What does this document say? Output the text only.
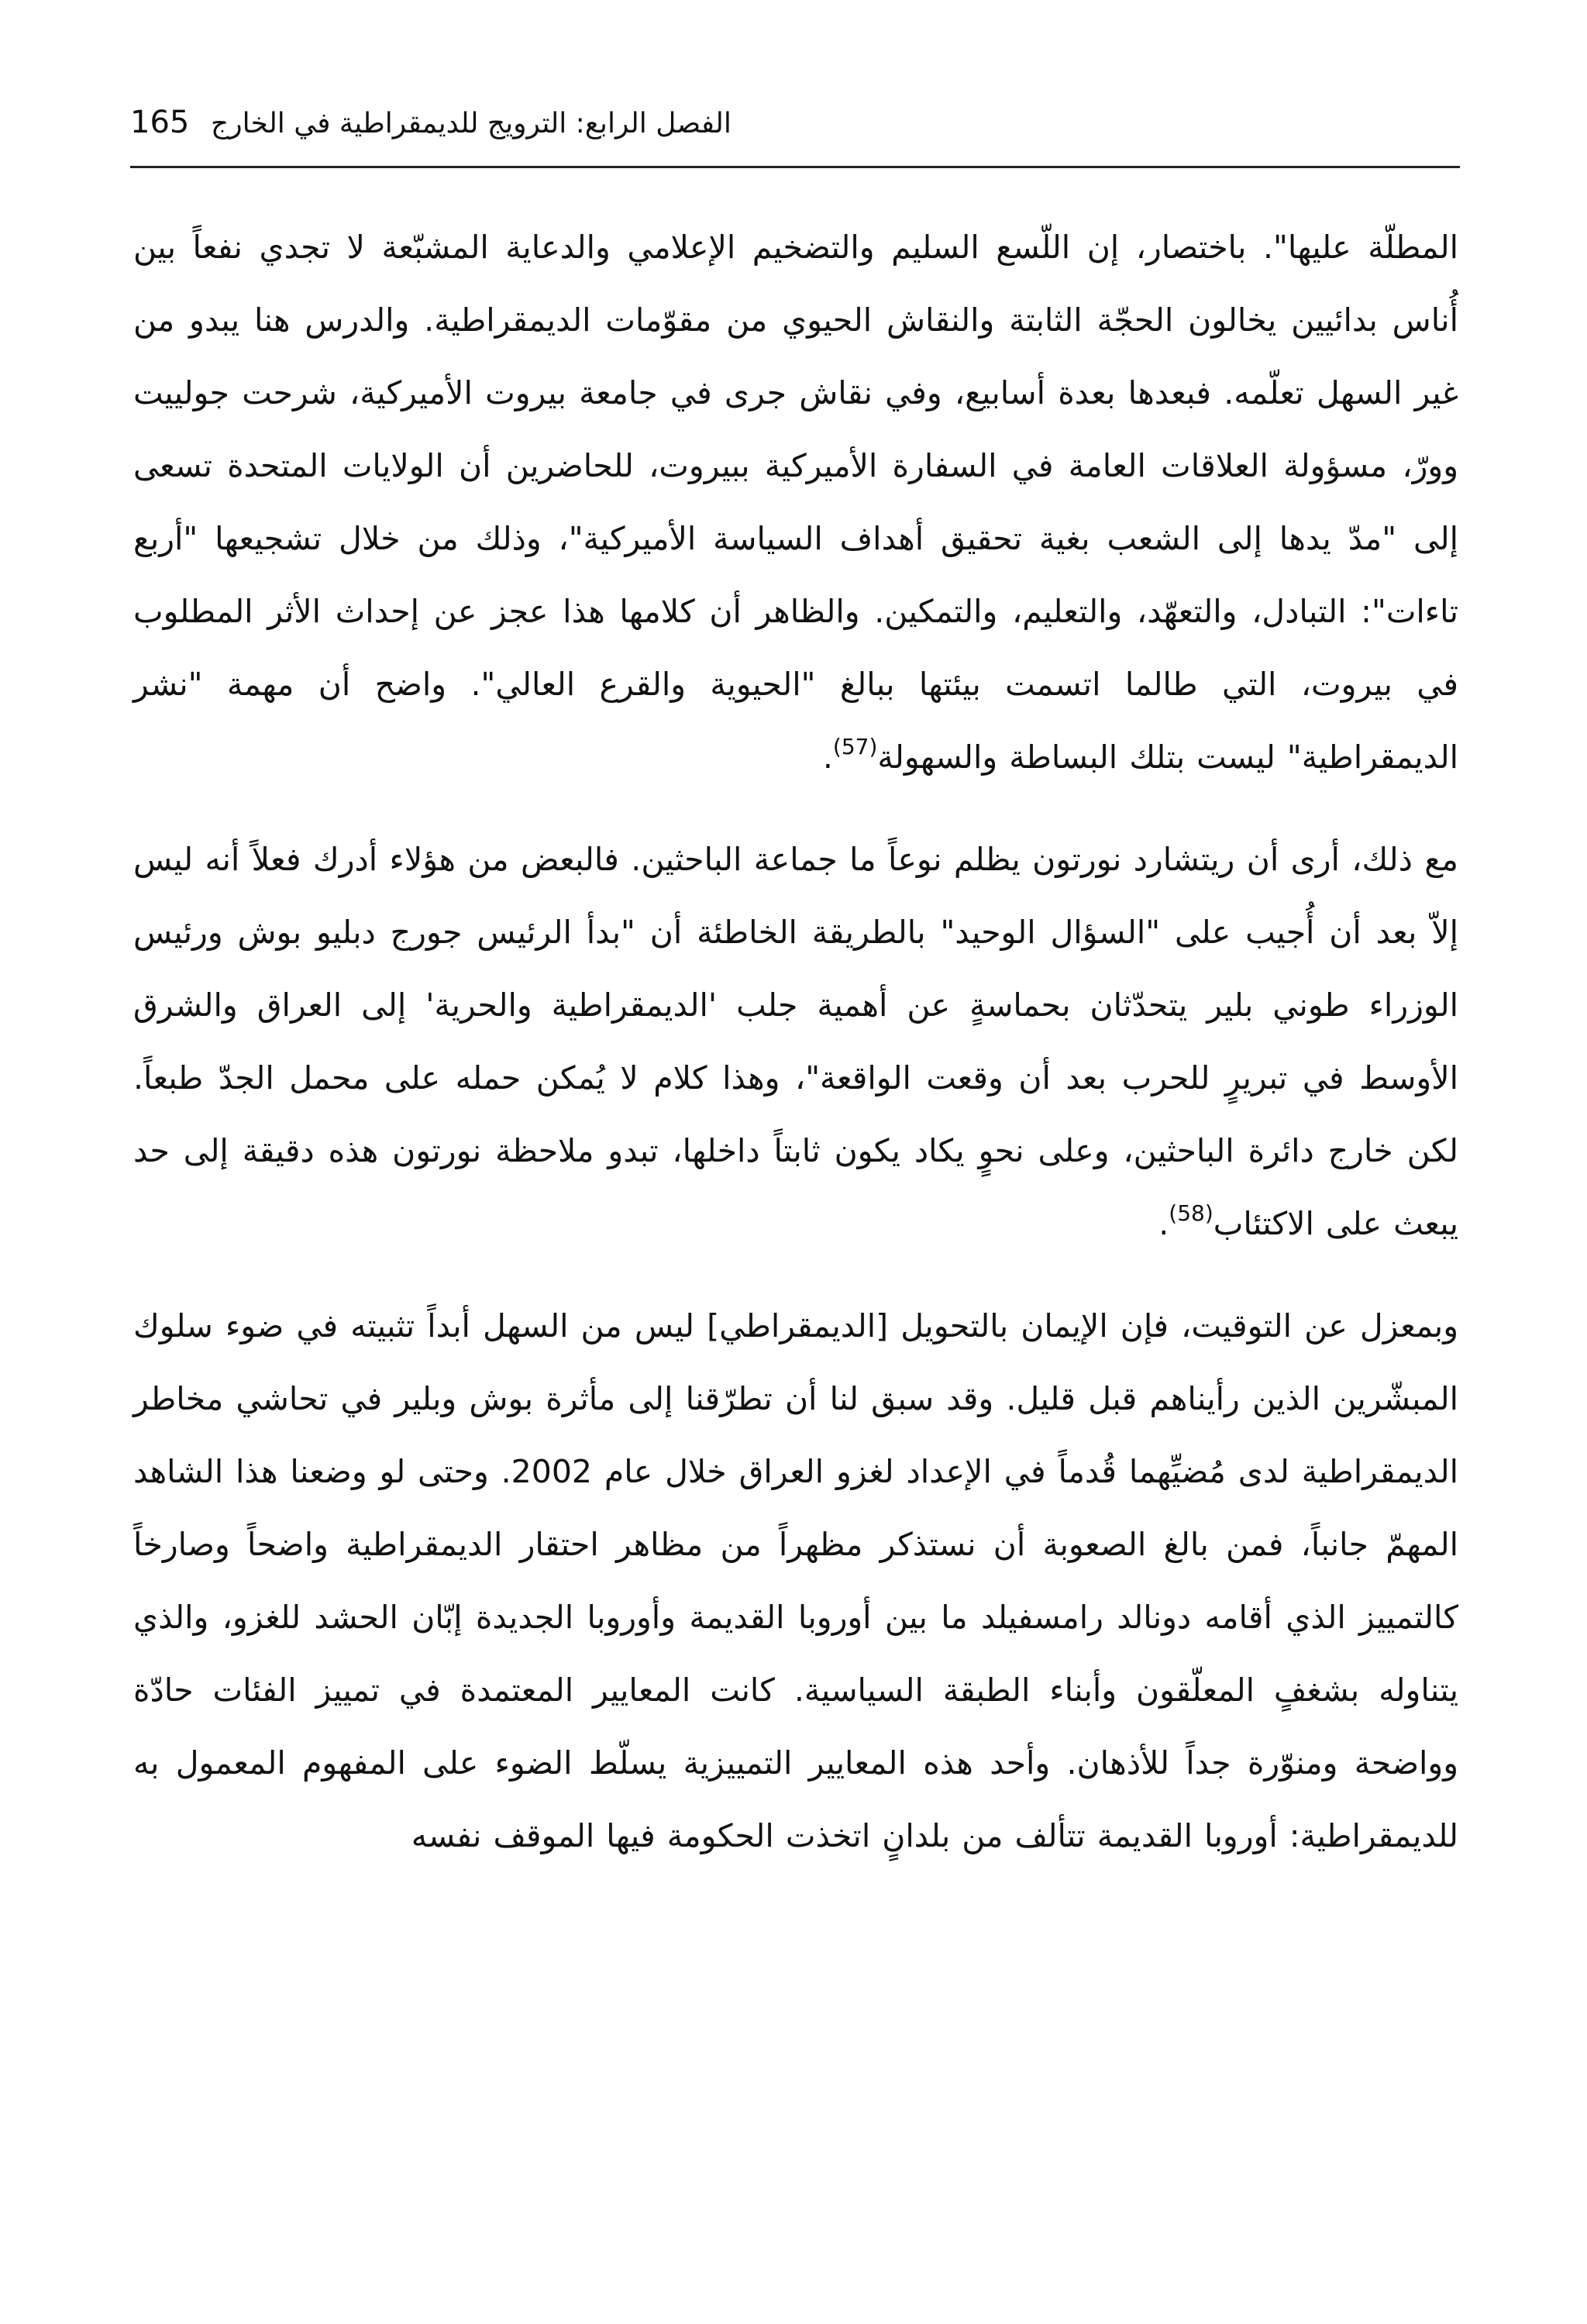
165 الفصل الرابع: الترويج للديمقراطية في الخارج

المطلّة عليها". باختصار، إن اللّسع السليم والتضخيم الإعلامي والدعاية المشبّعة لا تجدي نفعاً بين أُناس بدائيين يخالون الحجّة الثابتة والنقاش الحيوي من مقوّمات الديمقراطية. والدرس هنا يبدو من غير السهل تعلّمه. فبعدها بعدة أسابيع، وفي نقاش جرى في جامعة بيروت الأميركية، شرحت جولييت وورّ، مسؤولة العلاقات العامة في السفارة الأميركية ببيروت، للحاضرين أن الولايات المتحدة تسعى إلى "مدّ يدها إلى الشعب بغية تحقيق أهداف السياسة الأميركية"، وذلك من خلال تشجيعها "أربع تاءات": التبادل، والتعهّد، والتعليم، والتمكين. والظاهر أن كلامها هذا عجز عن إحداث الأثر المطلوب في بيروت، التي طالما اتسمت بيئتها ببالغ "الحيوية والقرع العالي". واضح أن مهمة "نشر الديمقراطية" ليست بتلك البساطة والسهولة$^{(57)}$.

مع ذلك، أرى أن ريتشارد نورتون يظلم نوعاً ما جماعة الباحثين. فالبعض من هؤلاء أدرك فعلاً أنه ليس إلاّ بعد أن أُجيب على "السؤال الوحيد" بالطريقة الخاطئة أن "بدأ الرئيس جورج دبليو بوش ورئيس الوزراء طوني بلير يتحدّثان بحماسةٍ عن أهمية جلب 'الديمقراطية والحرية' إلى العراق والشرق الأوسط في تبريرٍ للحرب بعد أن وقعت الواقعة"، وهذا كلام لا يُمكن حمله على محمل الجدّ طبعاً. لكن خارج دائرة الباحثين، وعلى نحوٍ يكاد يكون ثابتاً داخلها، تبدو ملاحظة نورتون هذه دقيقة إلى حد يبعث على الاكتئاب$^{(58)}$.

وبمعزل عن التوقيت، فإن الإيمان بالتحويل [الديمقراطي] ليس من السهل أبداً تثبيته في ضوء سلوك المبشّرين الذين رأيناهم قبل قليل. وقد سبق لنا أن تطرّقنا إلى مأثرة بوش وبلير في تحاشي مخاطر الديمقراطية لدى مُضيِّهما قُدماً في الإعداد لغزو العراق خلال عام 2002. وحتى لو وضعنا هذا الشاهد المهمّ جانباً، فمن بالغ الصعوبة أن نستذكر مظهراً من مظاهر احتقار الديمقراطية واضحاً وصارخاً كالتمييز الذي أقامه دونالد رامسفيلد ما بين أوروبا القديمة وأوروبا الجديدة إبّان الحشد للغزو، والذي يتناوله بشغفٍ المعلّقون وأبناء الطبقة السياسية. كانت المعايير المعتمدة في تمييز الفئات حادّة وواضحة ومنوّرة جداً للأذهان. وأحد هذه المعايير التمييزية يسلّط الضوء على المفهوم المعمول به للديمقراطية: أوروبا القديمة تتألف من بلدانٍ اتخذت الحكومة فيها الموقف نفسه
